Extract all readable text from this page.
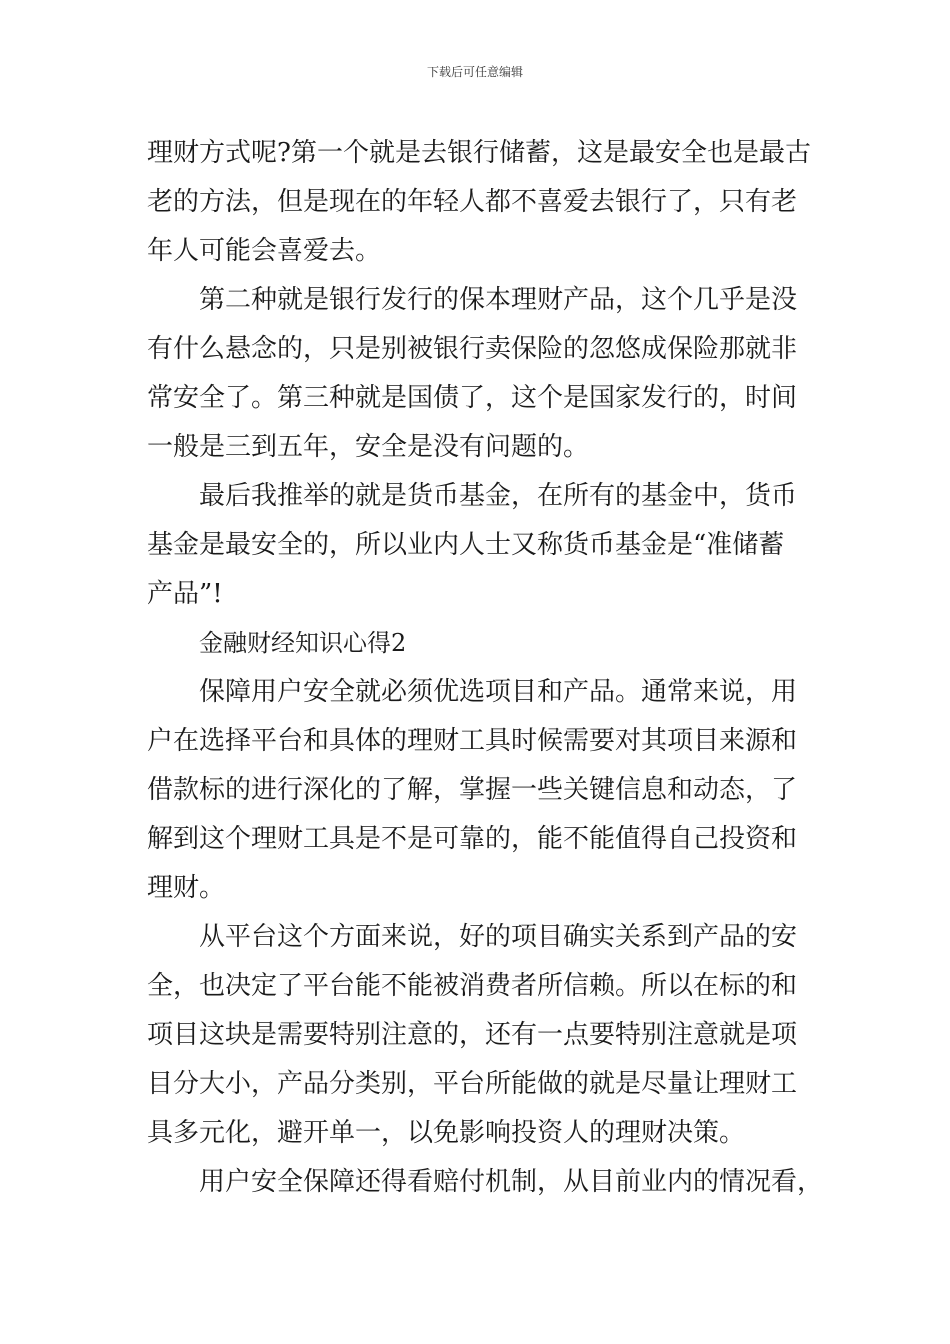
下载后可任意编辑
理财方式呢?第一个就是去银行储蓄，这是最安全也是最古
老的方法，但是现在的年轻人都不喜爱去银行了，只有老
年人可能会喜爱去。
第二种就是银行发行的保本理财产品，这个几乎是没
有什么悬念的，只是别被银行卖保险的忽悠成保险那就非
常安全了。第三种就是国债了，这个是国家发行的，时间
一般是三到五年，安全是没有问题的。
最后我推举的就是货币基金，在所有的基金中，货币
基金是最安全的，所以业内人士又称货币基金是“准储蓄
产品”!
金融财经知识心得2
保障用户安全就必须优选项目和产品。通常来说，用
户在选择平台和具体的理财工具时候需要对其项目来源和
借款标的进行深化的了解，掌握一些关键信息和动态，了
解到这个理财工具是不是可靠的，能不能值得自己投资和
理财。
从平台这个方面来说，好的项目确实关系到产品的安
全，也决定了平台能不能被消费者所信赖。所以在标的和
项目这块是需要特别注意的，还有一点要特别注意就是项
目分大小，产品分类别，平台所能做的就是尽量让理财工
具多元化，避开单一，以免影响投资人的理财决策。
用户安全保障还得看赔付机制，从目前业内的情况看，
